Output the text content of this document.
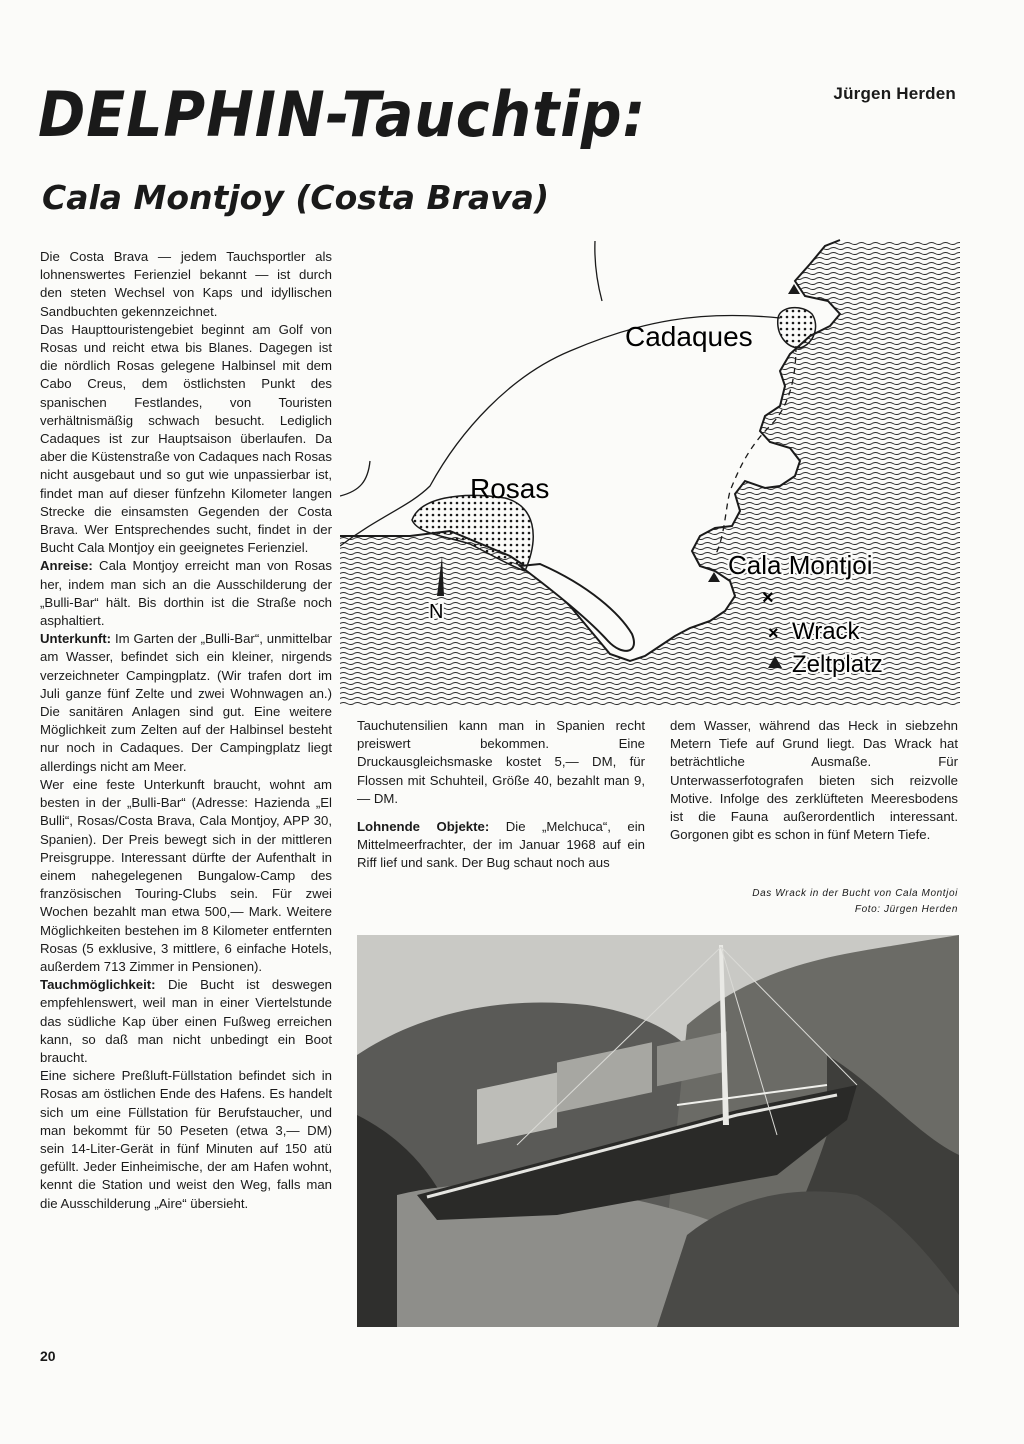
Jürgen Herden
DELPHIN-Tauchtip:
Cala Montjoy (Costa Brava)

Die Costa Brava — jedem Tauchsportler als lohnenswertes Ferienziel bekannt — ist durch den steten Wechsel von Kaps und idyllischen Sandbuchten gekennzeichnet.

Das Haupttouristengebiet beginnt am Golf von Rosas und reicht etwa bis Blanes. Dagegen ist die nördlich Rosas gelegene Halbinsel mit dem Cabo Creus, dem östlichsten Punkt des spanischen Festlandes, von Touristen verhältnismäßig schwach besucht. Lediglich Cadaques ist zur Hauptsaison überlaufen. Da aber die Küstenstraße von Cadaques nach Rosas nicht ausgebaut und so gut wie unpassierbar ist, findet man auf dieser fünfzehn Kilometer langen Strecke die einsamsten Gegenden der Costa Brava. Wer Entsprechendes sucht, findet in der Bucht Cala Montjoy ein geeignetes Ferienziel.

Anreise: Cala Montjoy erreicht man von Rosas her, indem man sich an die Ausschilderung der „Bulli-Bar“ hält. Bis dorthin ist die Straße noch asphaltiert.

Unterkunft: Im Garten der „Bulli-Bar“, unmittelbar am Wasser, befindet sich ein kleiner, nirgends verzeichneter Campingplatz. (Wir trafen dort im Juli ganze fünf Zelte und zwei Wohnwagen an.) Die sanitären Anlagen sind gut. Eine weitere Möglichkeit zum Zelten auf der Halbinsel besteht nur noch in Cadaques. Der Campingplatz liegt allerdings nicht am Meer.

Wer eine feste Unterkunft braucht, wohnt am besten in der „Bulli-Bar“ (Adresse: Hazienda „El Bulli“, Rosas/Costa Brava, Cala Montjoy, APP 30, Spanien). Der Preis bewegt sich in der mittleren Preisgruppe. Interessant dürfte der Aufenthalt in einem nahegelegenen Bungalow-Camp des französischen Touring-Clubs sein. Für zwei Wochen bezahlt man etwa 500,— Mark. Weitere Möglichkeiten bestehen im 8 Kilometer entfernten Rosas (5 exklusive, 3 mittlere, 6 einfache Hotels, außerdem 713 Zimmer in Pensionen).

Tauchmöglichkeit: Die Bucht ist deswegen empfehlenswert, weil man in einer Viertelstunde das südliche Kap über einen Fußweg erreichen kann, so daß man nicht unbedingt ein Boot braucht.

Eine sichere Preßluft-Füllstation befindet sich in Rosas am östlichen Ende des Hafens. Es handelt sich um eine Füllstation für Berufstaucher, und man bekommt für 50 Peseten (etwa 3,— DM) sein 14-Liter-Gerät in fünf Minuten auf 150 atü gefüllt. Jeder Einheimische, der am Hafen wohnt, kennt die Station und weist den Weg, falls man die Ausschilderung „Aire“ übersieht.

Cadaques
Rosas
Cala Montjoi
N
×
× Wrack
Zeltplatz

Tauchutensilien kann man in Spanien recht preiswert bekommen. Eine Druckausgleichsmaske kostet 5,— DM, für Flossen mit Schuhteil, Größe 40, bezahlt man 9,— DM.

Lohnende Objekte: Die „Melchuca“, ein Mittelmeerfrachter, der im Januar 1968 auf ein Riff lief und sank. Der Bug schaut noch aus

dem Wasser, während das Heck in siebzehn Metern Tiefe auf Grund liegt. Das Wrack hat beträchtliche Ausmaße. Für Unterwasserfotografen bieten sich reizvolle Motive. Infolge des zerklüfteten Meeresbodens ist die Fauna außerordentlich interessant. Gorgonen gibt es schon in fünf Metern Tiefe.

Das Wrack in der Bucht von Cala Montjoi
Foto: Jürgen Herden
20
